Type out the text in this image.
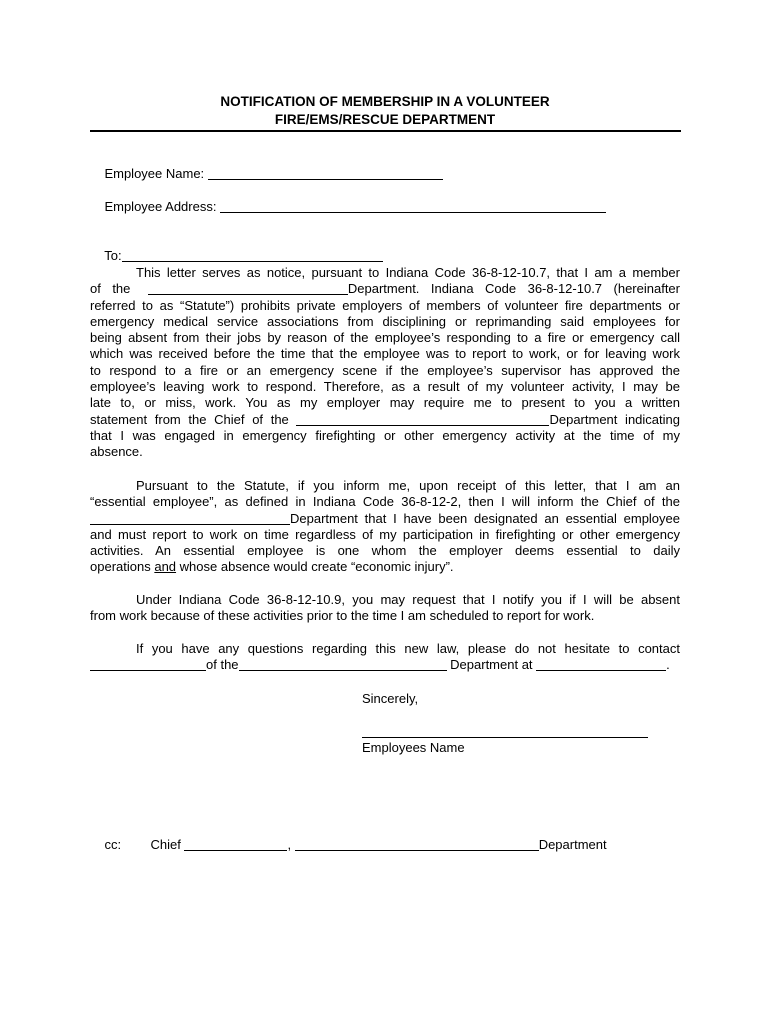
NOTIFICATION OF MEMBERSHIP IN A VOLUNTEER
FIRE/EMS/RESCUE DEPARTMENT

Employee Name:

Employee Address:

To:

This letter serves as notice, pursuant to Indiana Code 36-8-12-10.7, that I am a member
of the	Department. Indiana Code 36-8-12-10.7 (hereinafter
referred to as “Statute”) prohibits private employers of members of volunteer fire departments or
emergency medical service associations from disciplining or reprimanding said employees for
being absent from their jobs by reason of the employee’s responding to a fire or emergency call
which was received before the time that the employee was to report to work, or for leaving work
to respond to a fire or an emergency scene if the employee’s supervisor has approved the
employee’s leaving work to respond. Therefore, as a result of my volunteer activity, I may be
late to, or miss, work. You as my employer may require me to present to you a written
statement from the Chief of the	Department indicating
that I was engaged in emergency firefighting or other emergency activity at the time of my
absence.
Pursuant to the Statute, if you inform me, upon receipt of this letter, that I am an
“essential employee”, as defined in Indiana Code 36-8-12-2, then I will inform the Chief of the
Department that I have been designated an essential employee
and must report to work on time regardless of my participation in firefighting or other emergency
activities. An essential employee is one whom the employer deems essential to daily
operations and whose absence would create “economic injury”.
Under Indiana Code 36-8-12-10.9, you may request that I notify you if I will be absent
from work because of these activities prior to the time I am scheduled to report for work.
If you have any questions regarding this new law, please do not hesitate to contact
of the	Department at	.
Sincerely,
Employees Name

cc:
	Chief	,	Department
